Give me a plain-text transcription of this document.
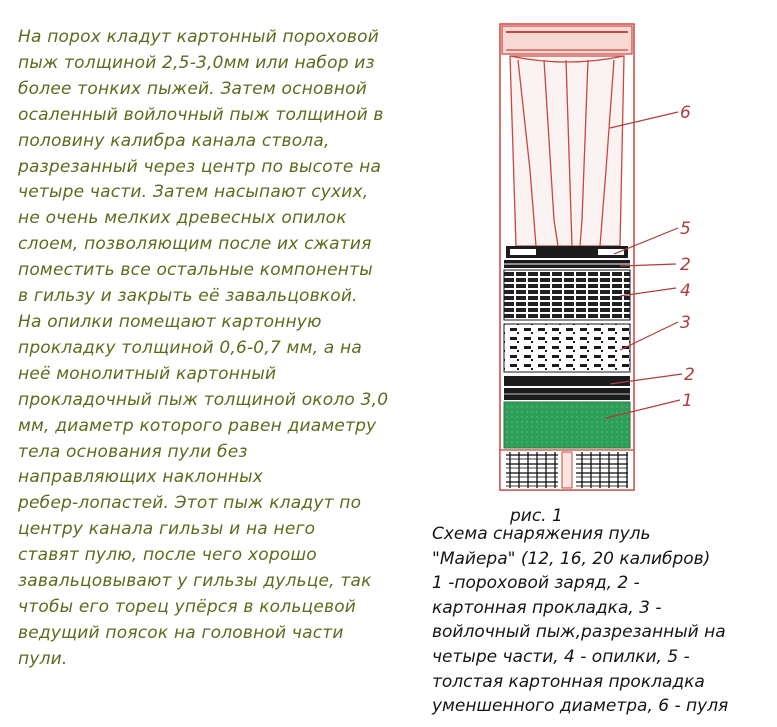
На порох кладут картонный пороховой
пыж толщиной 2,5-3,0мм или набор из
более тонких пыжей. Затем основной
осаленный войлочный пыж толщиной в
половину калибра канала ствола,
разрезанный через центр по высоте на
четыре части. Затем насыпают сухих,
не очень мелких древесных опилок
слоем, позволяющим после их сжатия
поместить все остальные компоненты
в гильзу и закрыть её завальцовкой.
На опилки помещают картонную
прокладку толщиной 0,6-0,7 мм, а на
неё монолитный картонный
прокладочный пыж толщиной около 3,0
мм, диаметр которого равен диаметру
тела основания пули без
направляющих наклонных
ребер-лопастей. Этот пыж кладут по
центру канала гильзы и на него
ставят пулю, после чего хорошо
завальцовывают у гильзы дульце, так
чтобы его торец упёрся в кольцевой
ведущий поясок на головной части
пули.
6
5
2
4
3
2
1
рис. 1
Схема снаряжения пуль
"Майера" (12, 16, 20 калибров)
1 -пороховой заряд, 2 -
картонная прокладка, 3 -
войлочный пыж,разрезанный на
четыре части, 4 - опилки, 5 -
толстая картонная прокладка
уменшенного диаметра, 6 - пуля
